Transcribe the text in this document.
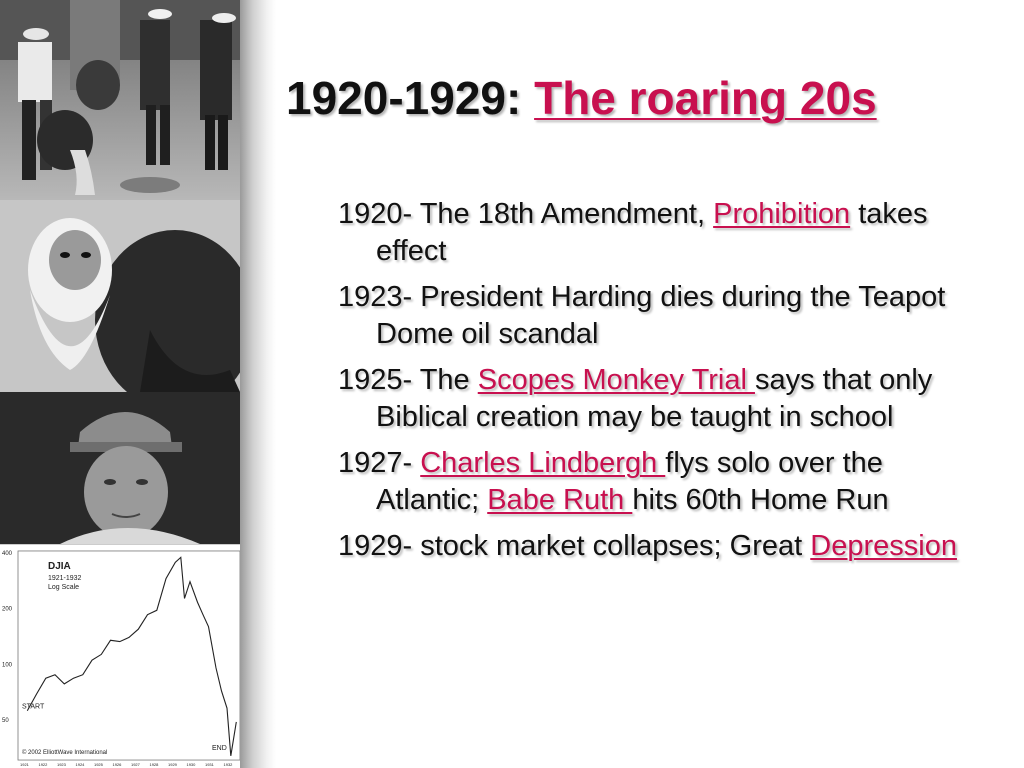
DJIA
1921-1932
Log Scale
400
200
100
50
START
END
© 2002 ElliottWave International
1921 1922 1923 1924 1925 1926 1927 1928 1929 1930 1931 1932
1920-1929: The roaring 20s
1920- The 18th Amendment, Prohibition takes effect
1923- President Harding dies during the Teapot Dome oil scandal
1925- The Scopes Monkey Trial says that only Biblical creation may be taught in school
1927- Charles Lindbergh flys solo over the Atlantic; Babe Ruth hits 60th Home Run
1929- stock market collapses; Great Depression
